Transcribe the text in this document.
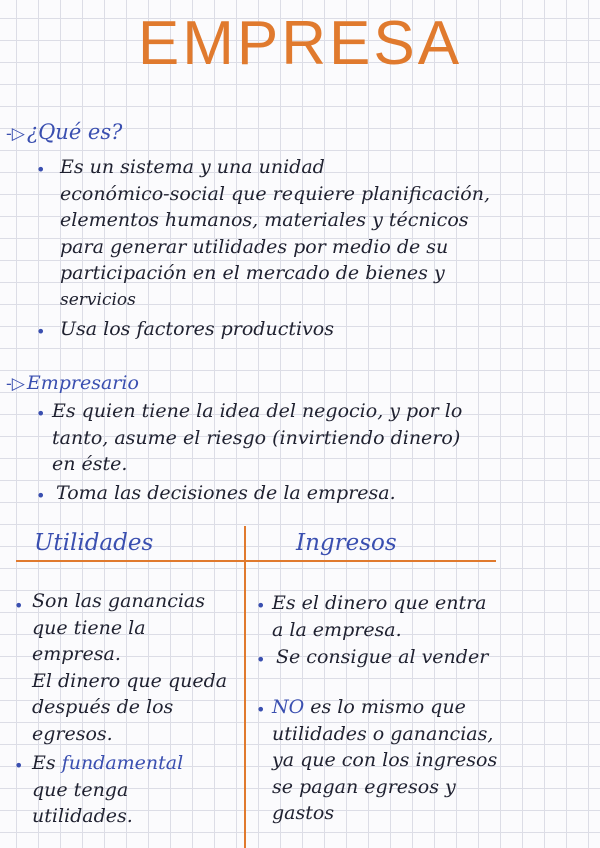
EMPRESA
-▷¿Qué es?
• Es un sistema y una unidad
económico-social que requiere planificación,
elementos humanos, materiales y técnicos
para generar utilidades por medio de su
participación en el mercado de bienes y
servicios
• Usa los factores productivos
-▷ Empresario
• Es quien tiene la idea del negocio, y por lo
tanto, asume el riesgo (invirtiendo dinero)
en éste.
• Toma las decisiones de la empresa.
Utilidades	Ingresos
• Son las ganancias
que tiene la
empresa.
El dinero que queda
después de los
egresos.
• Es fundamental
que tenga
utilidades.
• Es el dinero que entra
a la empresa.
• Se consigue al vender
• NO es lo mismo que
utilidades o ganancias,
ya que con los ingresos
se pagan egresos y
gastos
